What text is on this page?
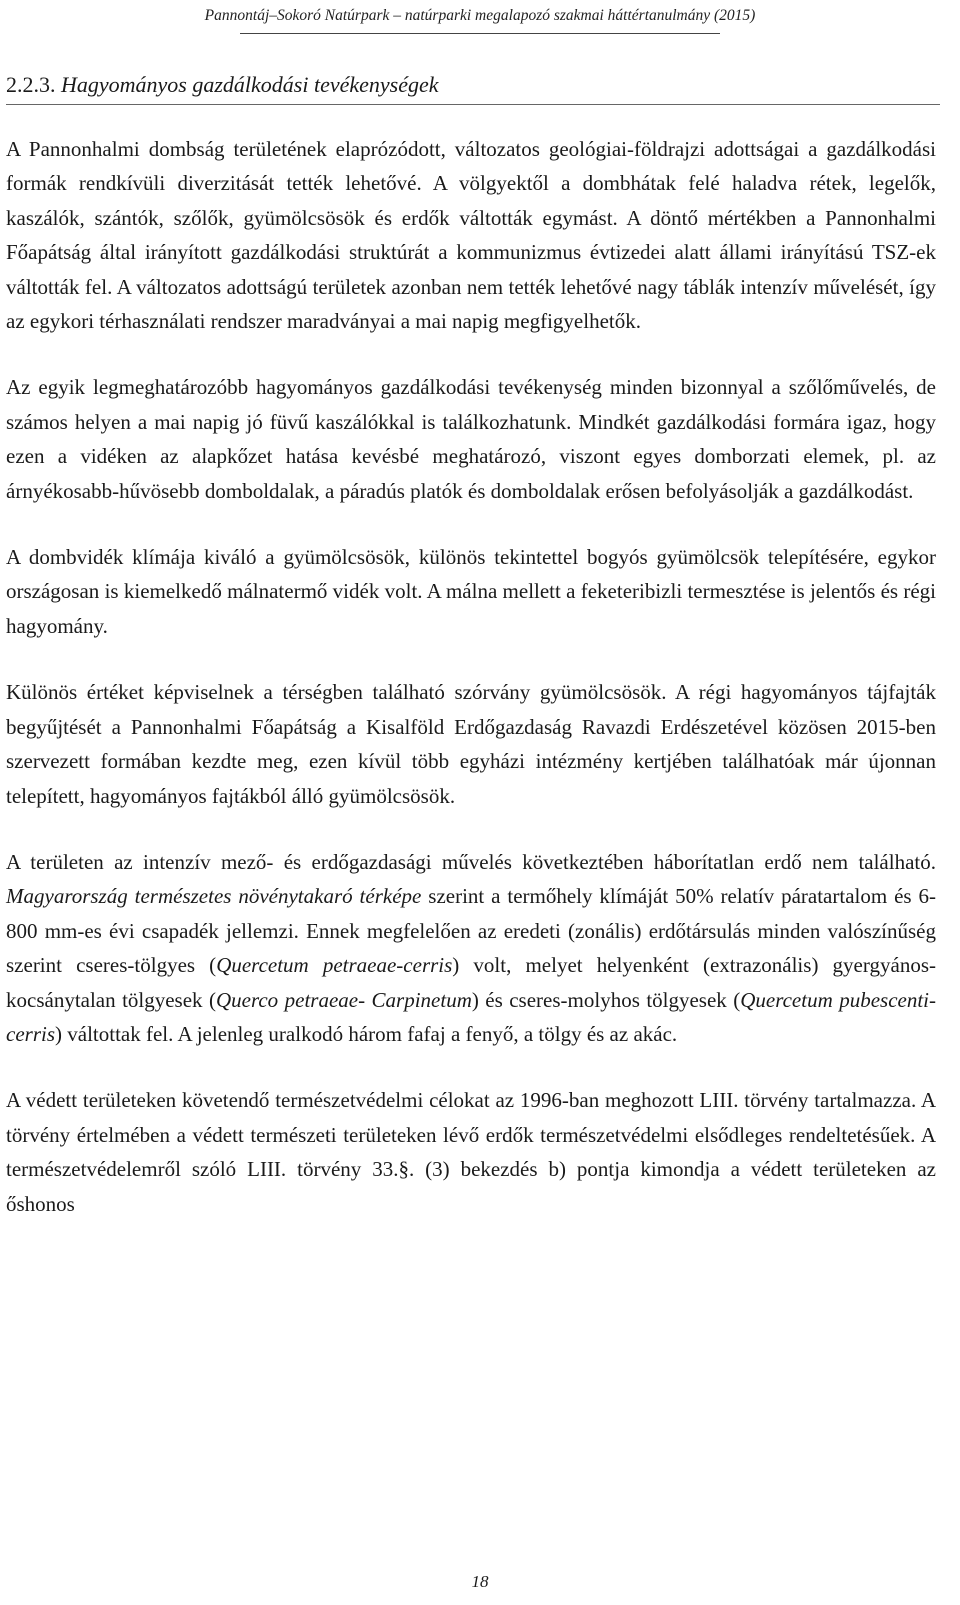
Pannontáj–Sokoró Natúrpark – natúrparki megalapozó szakmai háttértanulmány (2015)

2.2.3. Hagyományos gazdálkodási tevékenységek

A Pannonhalmi dombság területének elaprózódott, változatos geológiai-földrajzi adottságai a gazdálkodási formák rendkívüli diverzitását tették lehetővé. A völgyektől a dombhátak felé haladva rétek, legelők, kaszálók, szántók, szőlők, gyümölcsösök és erdők váltották egymást. A döntő mértékben a Pannonhalmi Főapátság által irányított gazdálkodási struktúrát a kommunizmus évtizedei alatt állami irányítású TSZ-ek váltották fel. A változatos adottságú területek azonban nem tették lehetővé nagy táblák intenzív művelését, így az egykori térhasználati rendszer maradványai a mai napig megfigyelhetők.

Az egyik legmeghatározóbb hagyományos gazdálkodási tevékenység minden bizonnyal a szőlőművelés, de számos helyen a mai napig jó füvű kaszálókkal is találkozhatunk. Mindkét gazdálkodási formára igaz, hogy ezen a vidéken az alapkőzet hatása kevésbé meghatározó, viszont egyes domborzati elemek, pl. az árnyékosabb-hűvösebb domboldalak, a páradús platók és domboldalak erősen befolyásolják a gazdálkodást.

A dombvidék klímája kiváló a gyümölcsösök, különös tekintettel bogyós gyümölcsök telepítésére, egykor országosan is kiemelkedő málnatermő vidék volt. A málna mellett a feketeribizli termesztése is jelentős és régi hagyomány.

Különös értéket képviselnek a térségben található szórvány gyümölcsösök. A régi hagyományos tájfajták begyűjtését a Pannonhalmi Főapátság a Kisalföld Erdőgazdaság Ravazdi Erdészetével közösen 2015-ben szervezett formában kezdte meg, ezen kívül több egyházi intézmény kertjében találhatóak már újonnan telepített, hagyományos fajtákból álló gyümölcsösök.

A területen az intenzív mező- és erdőgazdasági művelés következtében háborítatlan erdő nem található. Magyarország természetes növénytakaró térképe szerint a termőhely klímáját 50% relatív páratartalom és 6-800 mm-es évi csapadék jellemzi. Ennek megfelelően az eredeti (zonális) erdőtársulás minden valószínűség szerint cseres-tölgyes (Quercetum petraeae-cerris) volt, melyet helyenként (extrazonális) gyergyános-kocsánytalan tölgyesek (Querco petraeae- Carpinetum) és cseres-molyhos tölgyesek (Quercetum pubescenti-cerris) váltottak fel. A jelenleg uralkodó három fafaj a fenyő, a tölgy és az akác.

A védett területeken követendő természetvédelmi célokat az 1996-ban meghozott LIII. törvény tartalmazza. A törvény értelmében a védett természeti területeken lévő erdők természetvédelmi elsődleges rendeltetésűek. A természetvédelemről szóló LIII. törvény 33.§. (3) bekezdés b) pontja kimondja a védett területeken az őshonos

18
